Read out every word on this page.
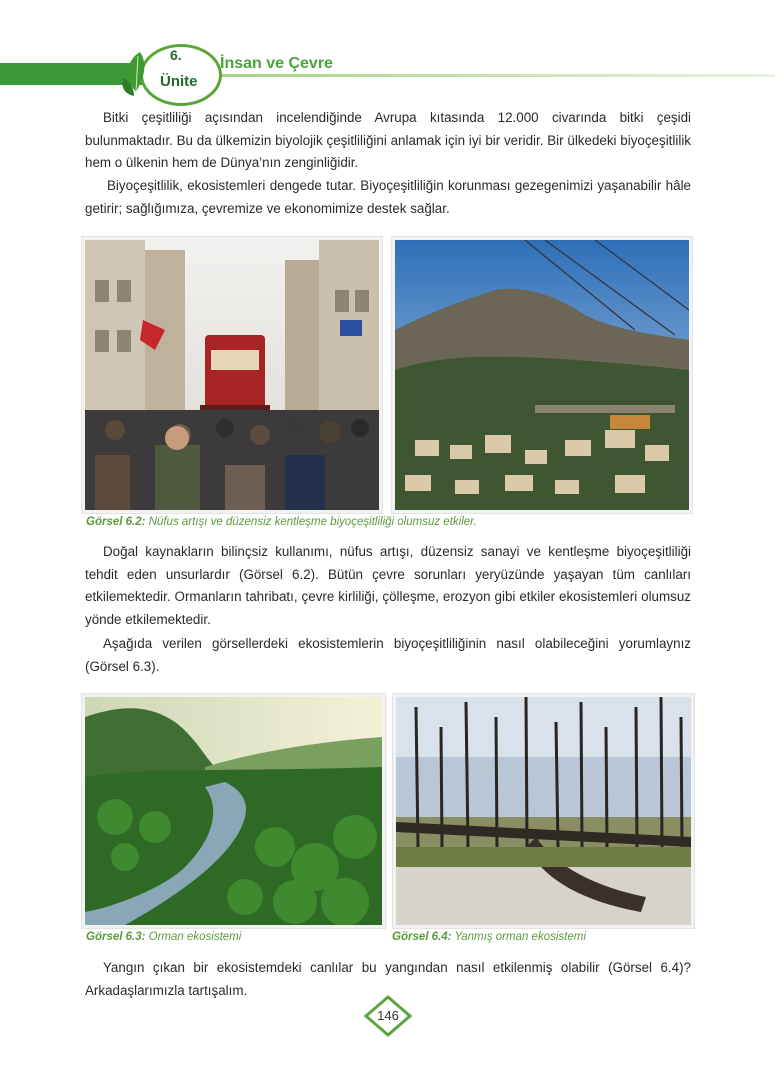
6.
Ünite
İnsan ve Çevre
Bitki çeşitliliği açısından incelendiğinde Avrupa kıtasında 12.000 civarında bitki çeşidi bulunmaktadır. Bu da ülkemizin biyolojik çeşitliliğini anlamak için iyi bir veridir. Bir ülkedeki biyoçeşitlilik hem o ülkenin hem de Dünya’nın zenginliğidir.
Biyoçeşitlilik, ekosistemleri dengede tutar. Biyoçeşitliliğin korunması gezegenimizi yaşanabilir hâle getirir; sağlığımıza, çevremize ve ekonomimize destek sağlar.
Görsel 6.2: Nüfus artışı ve düzensiz kentleşme biyoçeşitliliği olumsuz etkiler.
Doğal kaynakların bilinçsiz kullanımı, nüfus artışı, düzensiz sanayi ve kentleşme biyoçeşitliliği tehdit eden unsurlardır (Görsel 6.2). Bütün çevre sorunları yeryüzünde yaşayan tüm canlıları etkilemektedir. Ormanların tahribatı, çevre kirliliği, çölleşme, erozyon gibi etkiler ekosistemleri olumsuz yönde etkilemektedir.
Aşağıda verilen görsellerdeki ekosistemlerin biyoçeşitliliğinin nasıl olabileceğini yorumlaynız (Görsel 6.3).
Görsel 6.3: Orman ekosistemi	Görsel 6.4: Yanmış orman ekosistemi
Yangın çıkan bir ekosistemdeki canlılar bu yangından nasıl etkilenmiş olabilir (Görsel 6.4)? Arkadaşlarımızla tartışalım.
146
